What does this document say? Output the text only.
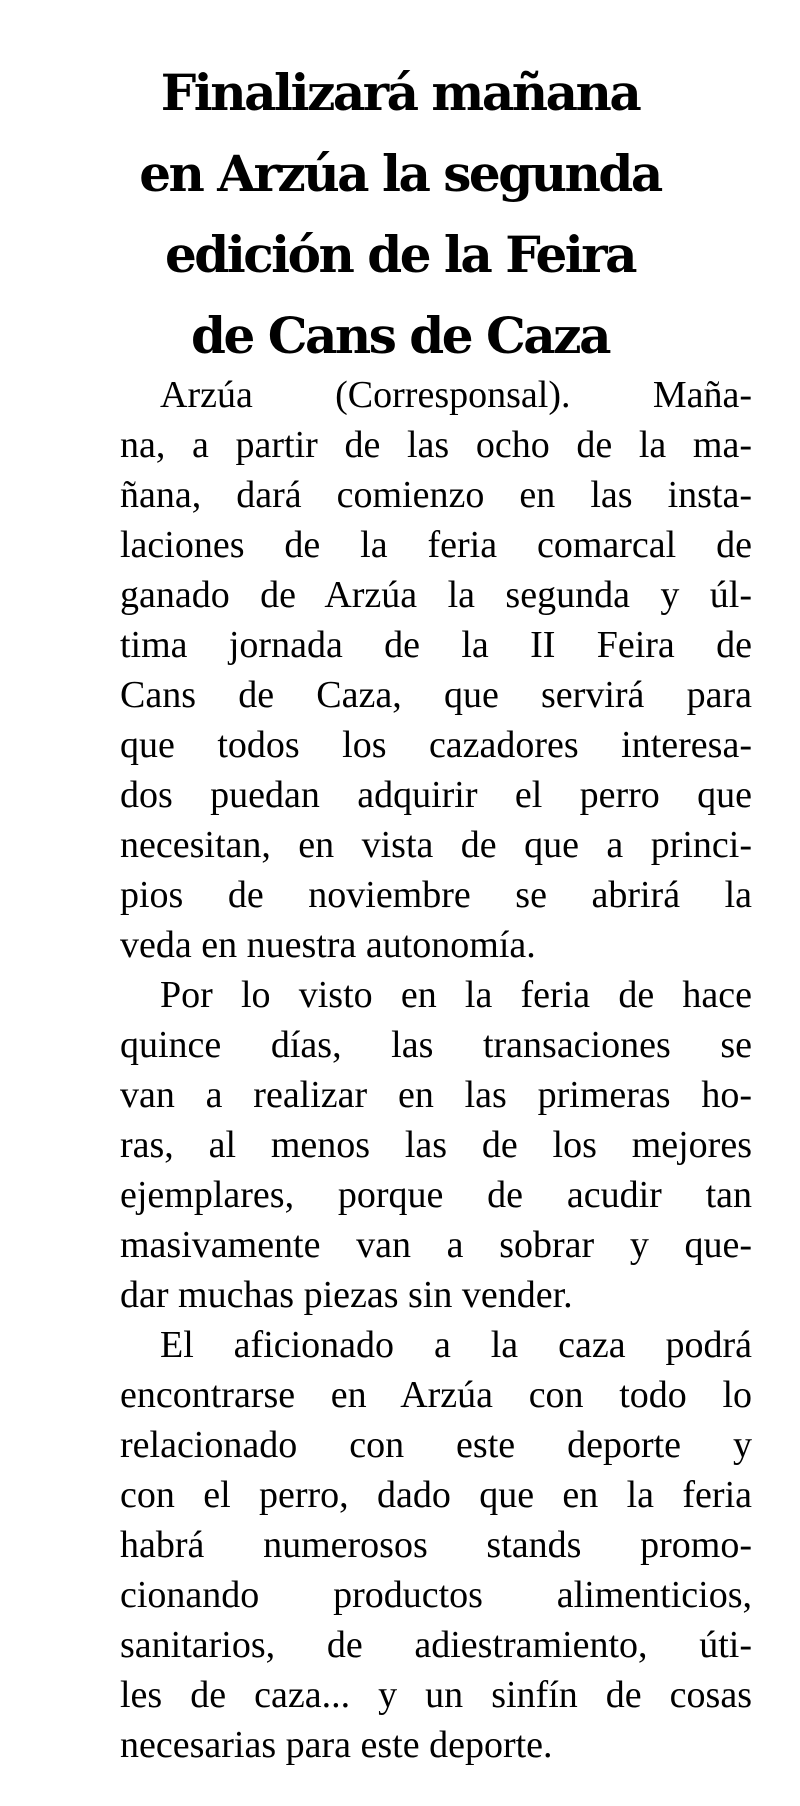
Finalizará mañana
en Arzúa la segunda
edición de la Feira
de Cans de Caza

Arzúa (Corresponsal). Maña-
na, a partir de las ocho de la ma-
ñana, dará comienzo en las insta-
laciones de la feria comarcal de
ganado de Arzúa la segunda y úl-
tima jornada de la II Feira de
Cans de Caza, que servirá para
que todos los cazadores interesa-
dos puedan adquirir el perro que
necesitan, en vista de que a princi-
pios de noviembre se abrirá la
veda en nuestra autonomía.

Por lo visto en la feria de hace
quince días, las transaciones se
van a realizar en las primeras ho-
ras, al menos las de los mejores
ejemplares, porque de acudir tan
masivamente van a sobrar y que-
dar muchas piezas sin vender.

El aficionado a la caza podrá
encontrarse en Arzúa con todo lo
relacionado con este deporte y
con el perro, dado que en la feria
habrá numerosos stands promo-
cionando productos alimenticios,
sanitarios, de adiestramiento, úti-
les de caza... y un sinfín de cosas
necesarias para este deporte.
